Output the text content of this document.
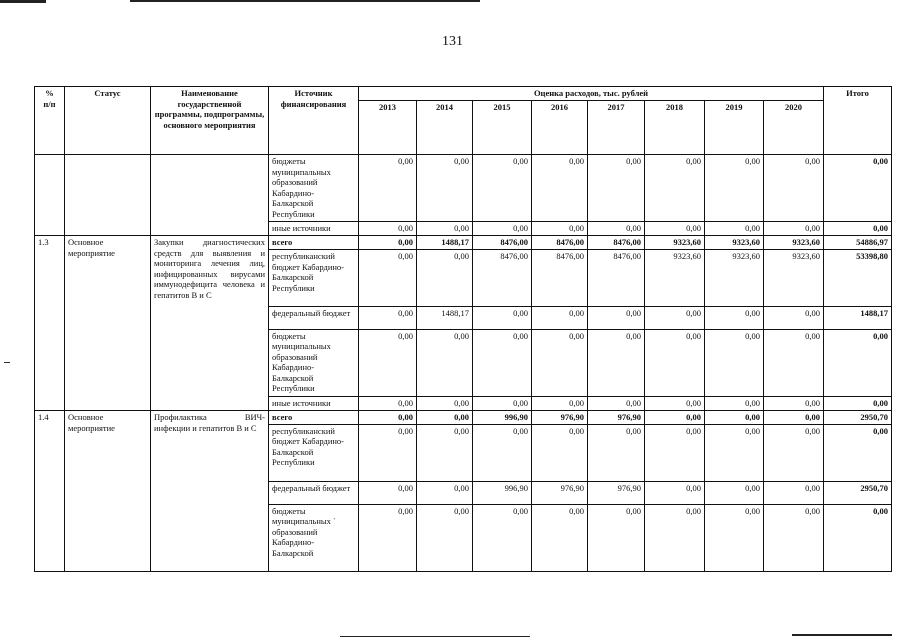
131
%
п/п	Статус	Наименование государственной программы, подпрограммы, основного мероприятия	Источник финансирования	Оценка расходов, тыс. рублей								Итого
				2013	2014	2015	2016	2017	2018	2019	2020	
			бюджеты муниципальных образований Кабардино-Балкарской Республики	0,00	0,00	0,00	0,00	0,00	0,00	0,00	0,00	0,00
			иные источники	0,00	0,00	0,00	0,00	0,00	0,00	0,00	0,00	0,00
1.3	Основное мероприятие	Закупки диагностических средств для выявления и мониторинга лечения лиц, инфицированных вирусами иммунодефицита человека и гепатитов В и С	всего	0,00	1488,17	8476,00	8476,00	8476,00	9323,60	9323,60	9323,60	54886,97
			республиканский бюджет Кабардино-Балкарской Республики	0,00	0,00	8476,00	8476,00	8476,00	9323,60	9323,60	9323,60	53398,80
			федеральный бюджет	0,00	1488,17	0,00	0,00	0,00	0,00	0,00	0,00	1488,17
			бюджеты муниципальных образований Кабардино-Балкарской Республики	0,00	0,00	0,00	0,00	0,00	0,00	0,00	0,00	0,00
			иные источники	0,00	0,00	0,00	0,00	0,00	0,00	0,00	0,00	0,00
1.4	Основное мероприятие	Профилактика ВИЧ-инфекции и гепатитов В и С	всего	0,00	0,00	996,90	976,90	976,90	0,00	0,00	0,00	2950,70
			республиканский бюджет Кабардино-Балкарской Республики	0,00	0,00	0,00	0,00	0,00	0,00	0,00	0,00	0,00
			федеральный бюджет	0,00	0,00	996,90	976,90	976,90	0,00	0,00	0,00	2950,70
			бюджеты муниципальных ` образований Кабардино-Балкарской	0,00	0,00	0,00	0,00	0,00	0,00	0,00	0,00	0,00
